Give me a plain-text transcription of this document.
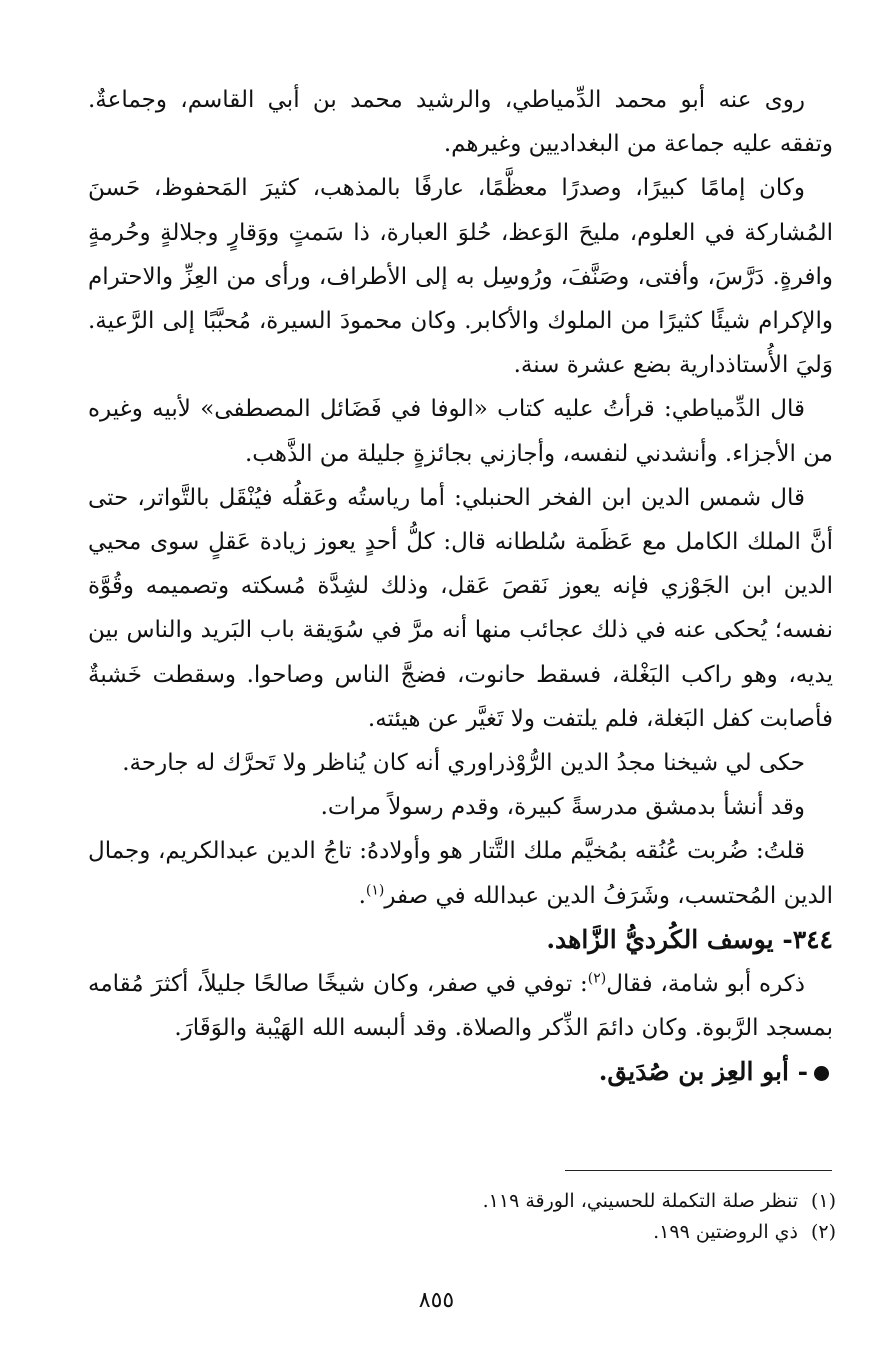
روى عنه أبو محمد الدِّمياطي، والرشيد محمد بن أبي القاسم، وجماعةٌ. وتفقه عليه جماعة من البغداديين وغيرهم.

وكان إمامًا كبيرًا، وصدرًا معظَّمًا، عارفًا بالمذهب، كثيرَ المَحفوظ، حَسنَ المُشاركة في العلوم، مليحَ الوَعظ، حُلوَ العبارة، ذا سَمتٍ ووَقارٍ وجلالةٍ وحُرمةٍ وافرةٍ. دَرَّسَ، وأفتى، وصَنَّفَ، ورُوسِل به إلى الأطراف، ورأى من العِزِّ والاحترام والإكرام شيئًا كثيرًا من الملوك والأكابر. وكان محمودَ السيرة، مُحبَّبًا إلى الرَّعية. وَليَ الأُستاذدارية بضع عشرة سنة.

قال الدِّمياطي: قرأتُ عليه كتاب «الوفا في فَضَائل المصطفى» لأبيه وغيره من الأجزاء. وأنشدني لنفسه، وأجازني بجائزةٍ جليلة من الذَّهب.

قال شمس الدين ابن الفخر الحنبلي: أما رياستُه وعَقلُه فيُنْقَل بالتَّواتر، حتى أنَّ الملك الكامل مع عَظَمة سُلطانه قال: كلُّ أحدٍ يعوز زيادة عَقلٍ سوى محيي الدين ابن الجَوْزي فإنه يعوز نَقصَ عَقل، وذلك لشِدَّة مُسكته وتصميمه وقُوَّة نفسه؛ يُحكى عنه في ذلك عجائب منها أنه مرَّ في سُوَيقة باب البَريد والناس بين يديه، وهو راكب البَغْلة، فسقط حانوت، فضجَّ الناس وصاحوا. وسقطت خَشبةٌ فأصابت كفل البَغلة، فلم يلتفت ولا تَغيَّر عن هيئته.

حكى لي شيخنا مجدُ الدين الرُّوْذراوري أنه كان يُناظر ولا تَحرَّك له جارحة.

وقد أنشأ بدمشق مدرسةً كبيرة، وقدم رسولاً مرات.

قلتُ: ضُربت عُنُقه بمُخيَّم ملك التَّتار هو وأولادهُ: تاجُ الدين عبدالكريم، وجمال الدين المُحتسب، وشَرَفُ الدين عبدالله في صفر$^{(١)}$.

٣٤٤- يوسف الكُرديُّ الزَّاهد.

ذكره أبو شامة، فقال$^{(٢)}$: توفي في صفر، وكان شيخًا صالحًا جليلاً، أكثرَ مُقامه بمسجد الرَّبوة. وكان دائمَ الذِّكر والصلاة. وقد ألبسه الله الهَيْبة والوَقَارَ.

- أبو العِز بن صُدَيق.

(١)تنظر صلة التكملة للحسيني، الورقة ١١٩.

(٢)ذي الروضتين ١٩٩.

٨٥٥
